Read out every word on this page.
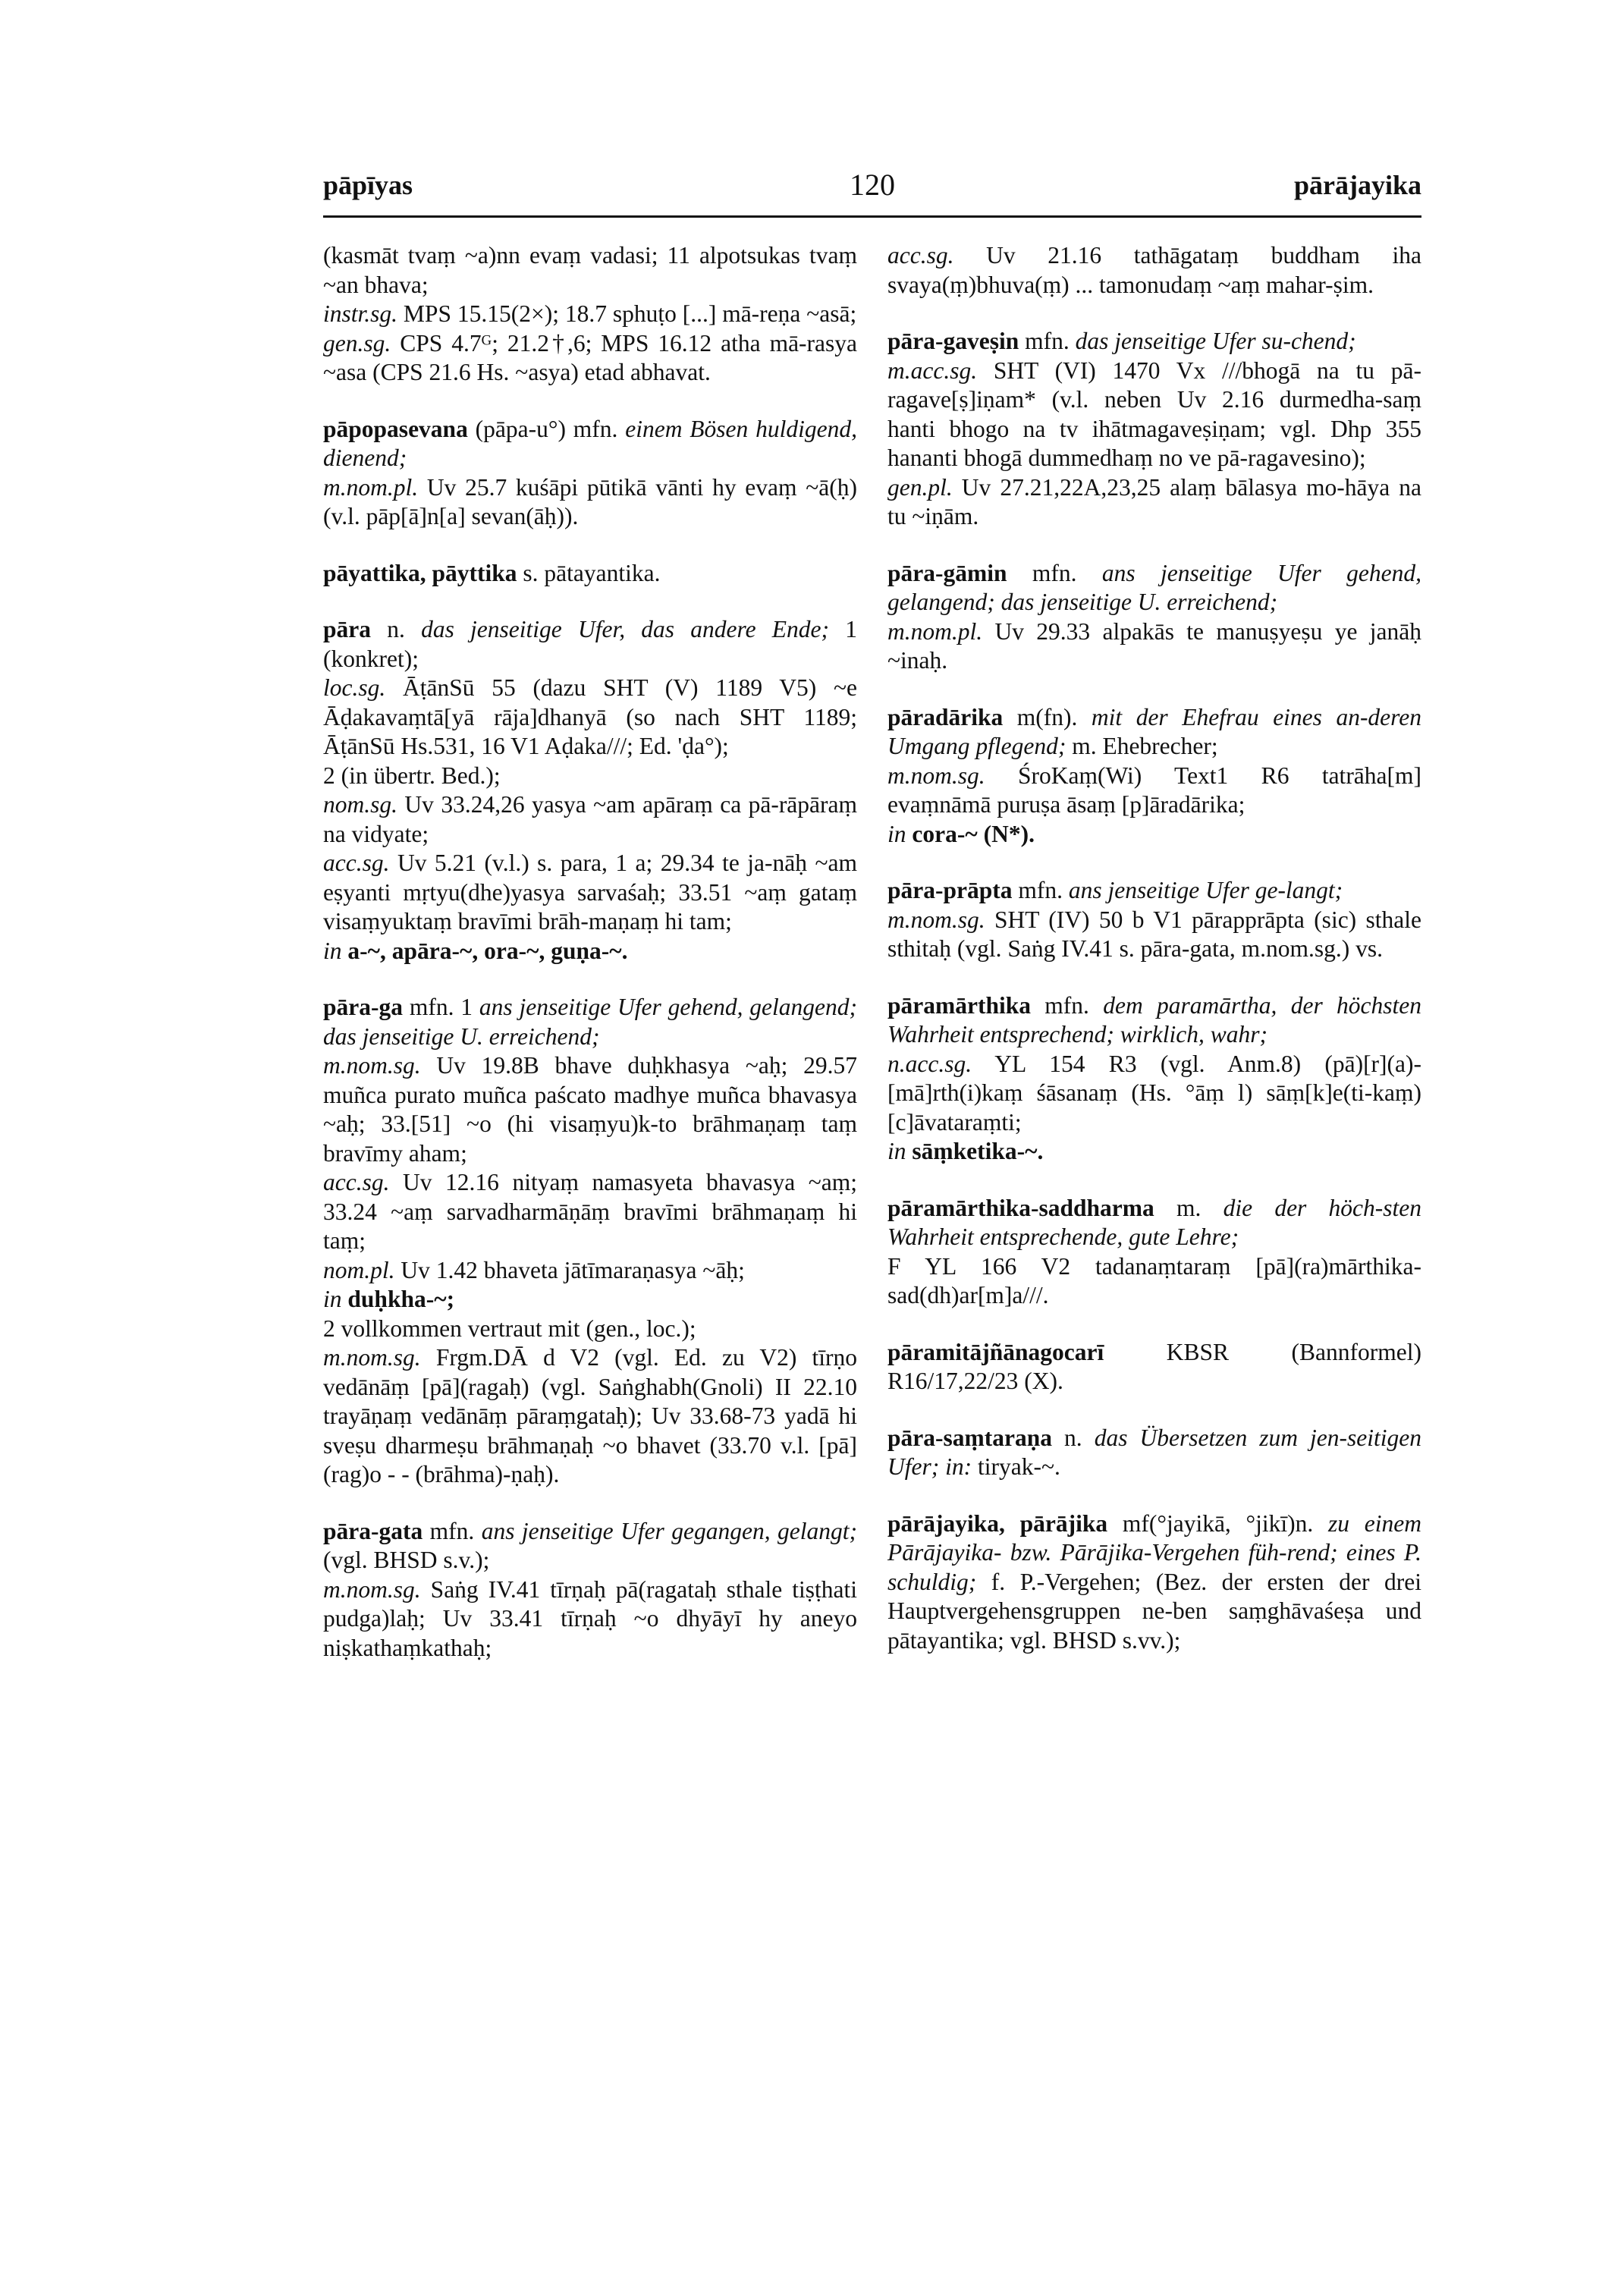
pāpīyas	120	pārājayika

(kasmāt tvaṃ ~a)nn evaṃ vadasi; 11 alpotsukas tvaṃ ~an bhava;

instr.sg. MPS 15.15(2×); 18.7 sphuṭo [...] mā-reṇa ~asā;

gen.sg. CPS 4.7ᴳ; 21.2†,6; MPS 16.12 atha mā-rasya ~asa (CPS 21.6 Hs. ~asya) etad abhavat.

pāpopasevana (pāpa-u°) mfn. einem Bösen huldigend, dienend;

m.nom.pl. Uv 25.7 kuśāpi pūtikā vānti hy evaṃ ~ā(ḥ) (v.l. pāp[ā]n[a] sevan(āḥ)).

pāyattika, pāyttika s. pātayantika.

pāra n. das jenseitige Ufer, das andere Ende; 1 (konkret);

loc.sg. ĀṭānSū 55 (dazu SHT (V) 1189 V5) ~e Āḍakavaṃtā[yā rāja]dhanyā (so nach SHT 1189; ĀṭānSū Hs.531, 16 V1 Aḍaka///; Ed. 'ḍa°);

2 (in übertr. Bed.);

nom.sg. Uv 33.24,26 yasya ~am apāraṃ ca pā-rāpāraṃ na vidyate;

acc.sg. Uv 5.21 (v.l.) s. para, 1 a; 29.34 te ja-nāḥ ~am eṣyanti mṛtyu(dhe)yasya sarvaśaḥ; 33.51 ~aṃ gataṃ visaṃyuktaṃ bravīmi brāh-maṇaṃ hi tam;

in a-~, apāra-~, ora-~, guṇa-~.

pāra-ga mfn. 1 ans jenseitige Ufer gehend, gelangend; das jenseitige U. erreichend;

m.nom.sg. Uv 19.8B bhave duḥkhasya ~aḥ; 29.57 muñca purato muñca paścato madhye muñca bhavasya ~aḥ; 33.[51] ~o (hi visaṃyu)k-to brāhmaṇaṃ taṃ bravīmy aham;

acc.sg. Uv 12.16 nityaṃ namasyeta bhavasya ~aṃ; 33.24 ~aṃ sarvadharmāṇāṃ bravīmi brāhmaṇaṃ hi taṃ;

nom.pl. Uv 1.42 bhaveta jātīmaraṇasya ~āḥ;

in duḥkha-~;

2 vollkommen vertraut mit (gen., loc.);

m.nom.sg. Frgm.DĀ d V2 (vgl. Ed. zu V2) tīrṇo vedānāṃ [pā](ragaḥ) (vgl. Saṅghabh(Gnoli) II 22.10 trayāṇaṃ vedānāṃ pāraṃgataḥ); Uv 33.68-73 yadā hi sveṣu dharmeṣu brāhmaṇaḥ ~o bhavet (33.70 v.l. [pā](rag)o - - (brāhma)-ṇaḥ).

pāra-gata mfn. ans jenseitige Ufer gegangen, gelangt; (vgl. BHSD s.v.);

m.nom.sg. Saṅg IV.41 tīrṇaḥ pā(ragataḥ sthale tiṣṭhati pudga)laḥ; Uv 33.41 tīrṇaḥ ~o dhyāyī hy aneyo niṣkathaṃkathaḥ;

acc.sg. Uv 21.16 tathāgataṃ buddham iha svaya(ṃ)bhuva(ṃ) ... tamonudaṃ ~aṃ mahar-ṣim.

pāra-gaveṣin mfn. das jenseitige Ufer su-chend;

m.acc.sg. SHT (VI) 1470 Vx ///bhogā na tu pā-ragave[ṣ]iṇam* (v.l. neben Uv 2.16 durmedha-saṃ hanti bhogo na tv ihātmagaveṣiṇam; vgl. Dhp 355 hananti bhogā dummedhaṃ no ve pā-ragavesino);

gen.pl. Uv 27.21,22A,23,25 alaṃ bālasya mo-hāya na tu ~iṇām.

pāra-gāmin mfn. ans jenseitige Ufer gehend, gelangend; das jenseitige U. erreichend;

m.nom.pl. Uv 29.33 alpakās te manuṣyeṣu ye janāḥ ~inaḥ.

pāradārika m(fn). mit der Ehefrau eines an-deren Umgang pflegend; m. Ehebrecher;

m.nom.sg. ŚroKaṃ(Wi) Text1 R6 tatrāha[m] evaṃnāmā puruṣa āsaṃ [p]āradārika;

in cora-~ (N*).

pāra-prāpta mfn. ans jenseitige Ufer ge-langt;

m.nom.sg. SHT (IV) 50 b V1 pārapprāpta (sic) sthale sthitaḥ (vgl. Saṅg IV.41 s. pāra-gata, m.nom.sg.) vs.

pāramārthika mfn. dem paramārtha, der höchsten Wahrheit entsprechend; wirklich, wahr;

n.acc.sg. YL 154 R3 (vgl. Anm.8) (pā)[r](a)-[mā]rth(i)kaṃ śāsanaṃ (Hs. °āṃ l) sāṃ[k]e(ti-kaṃ) [c]āvataraṃti;

in sāṃketika-~.

pāramārthika-saddharma m. die der höch-sten Wahrheit entsprechende, gute Lehre;

F YL 166 V2 tadanaṃtaraṃ [pā](ra)mārthika-sad(dh)ar[m]a///.

pāramitājñānagocarī KBSR (Bannformel) R16/17,22/23 (X).

pāra-saṃtaraṇa n. das Übersetzen zum jen-seitigen Ufer; in: tiryak-~.

pārājayika, pārājika mf(°jayikā, °jikī)n. zu einem Pārājayika- bzw. Pārājika-Vergehen füh-rend; eines P. schuldig; f. P.-Vergehen; (Bez. der ersten der drei Hauptvergehensgruppen ne-ben saṃghāvaśeṣa und pātayantika; vgl. BHSD s.vv.);
